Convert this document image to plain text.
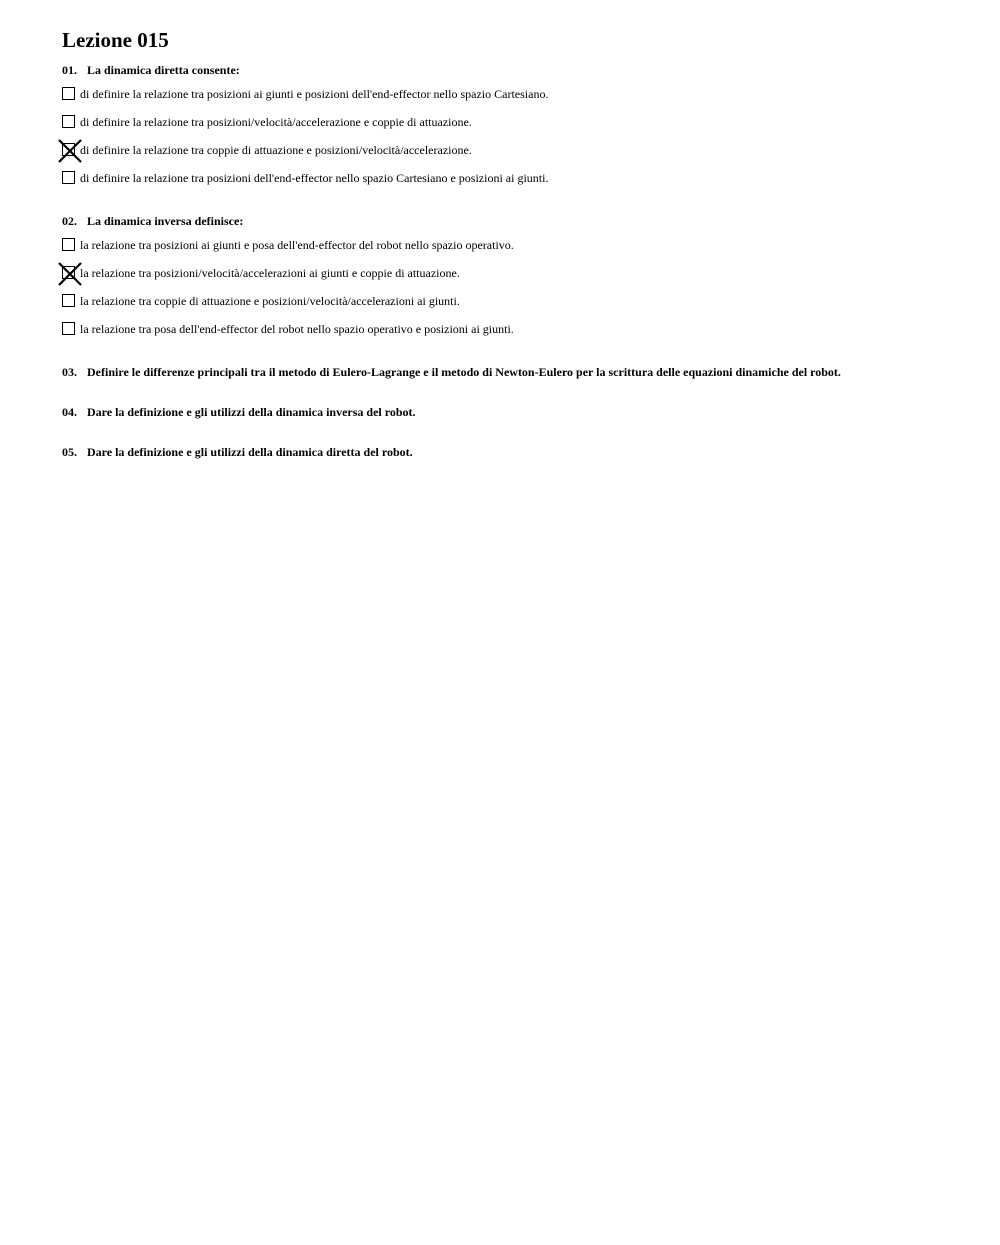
Lezione 015
01. La dinamica diretta consente:
di definire la relazione tra posizioni ai giunti e posizioni dell'end-effector nello spazio Cartesiano.
di definire la relazione tra posizioni/velocità/accelerazione e coppie di attuazione.
di definire la relazione tra coppie di attuazione e posizioni/velocità/accelerazione.
di definire la relazione tra posizioni dell'end-effector nello spazio Cartesiano e posizioni ai giunti.
02. La dinamica inversa definisce:
la relazione tra posizioni ai giunti e posa dell'end-effector del robot nello spazio operativo.
la relazione tra posizioni/velocità/accelerazioni ai giunti e coppie di attuazione.
la relazione tra coppie di attuazione e posizioni/velocità/accelerazioni ai giunti.
la relazione tra posa dell'end-effector del robot nello spazio operativo e posizioni ai giunti.
03. Definire le differenze principali tra il metodo di Eulero-Lagrange e il metodo di Newton-Eulero per la scrittura delle equazioni dinamiche del robot.
04. Dare la definizione e gli utilizzi della dinamica inversa del robot.
05. Dare la definizione e gli utilizzi della dinamica diretta del robot.
